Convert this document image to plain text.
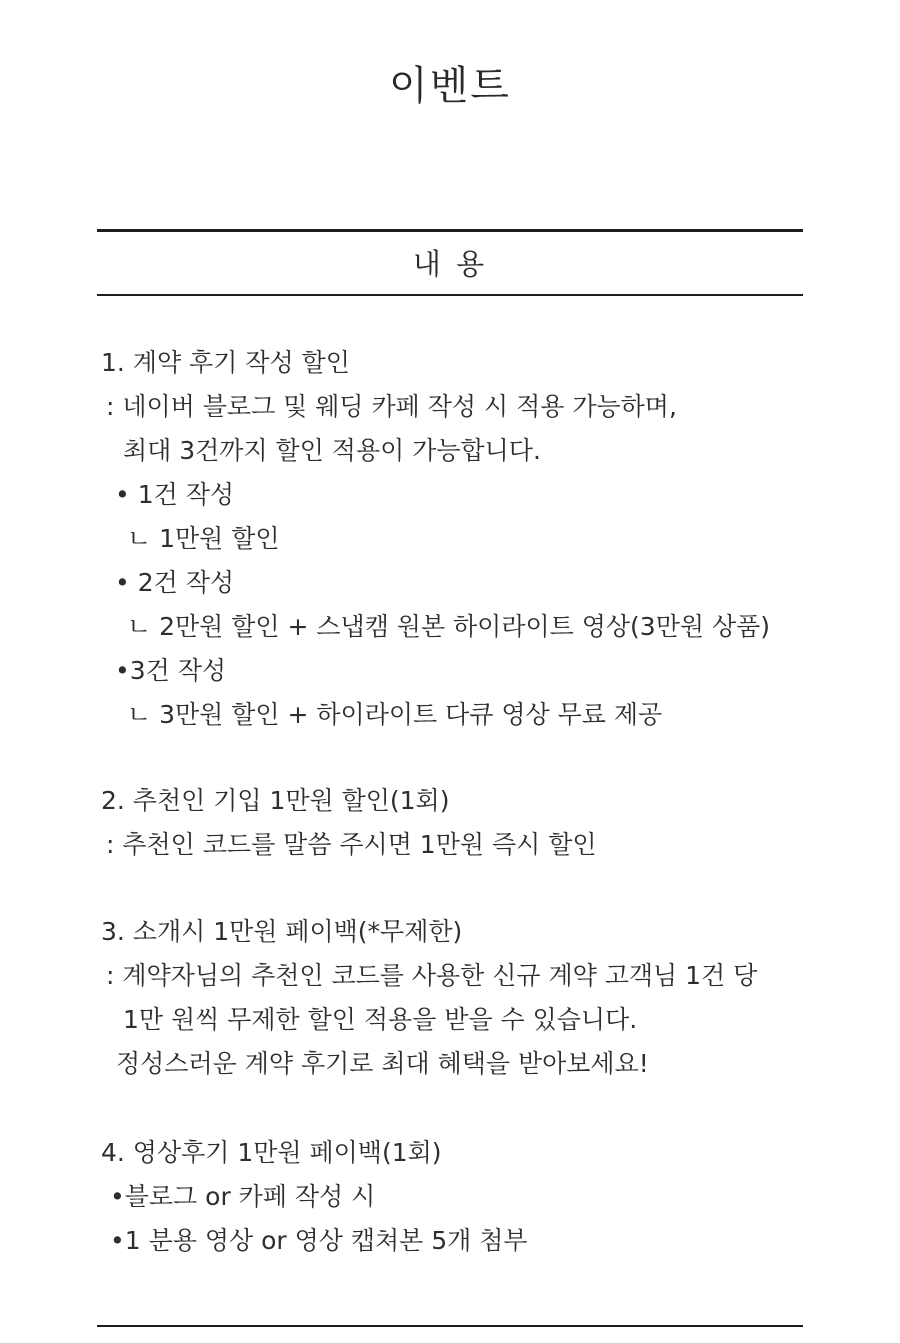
이벤트
내 용
1. 계약 후기 작성 할인
: 네이버 블로그 및 웨딩 카페 작성 시 적용 가능하며,
최대 3건까지 할인 적용이 가능합니다.
• 1건 작성
ㄴ 1만원 할인
• 2건 작성
ㄴ 2만원 할인 + 스냅캠 원본 하이라이트 영상(3만원 상품)
•3건 작성
ㄴ 3만원 할인 + 하이라이트 다큐 영상 무료 제공
2. 추천인 기입 1만원 할인(1회)
: 추천인 코드를 말씀 주시면 1만원 즉시 할인
3. 소개시 1만원 페이백(*무제한)
: 계약자님의 추천인 코드를 사용한 신규 계약 고객님 1건 당
1만 원씩 무제한 할인 적용을 받을 수 있습니다.
정성스러운 계약 후기로 최대 혜택을 받아보세요!
4. 영상후기 1만원 페이백(1회)
•블로그 or 카페 작성 시
•1 분용 영상 or 영상 캡쳐본 5개 첨부
